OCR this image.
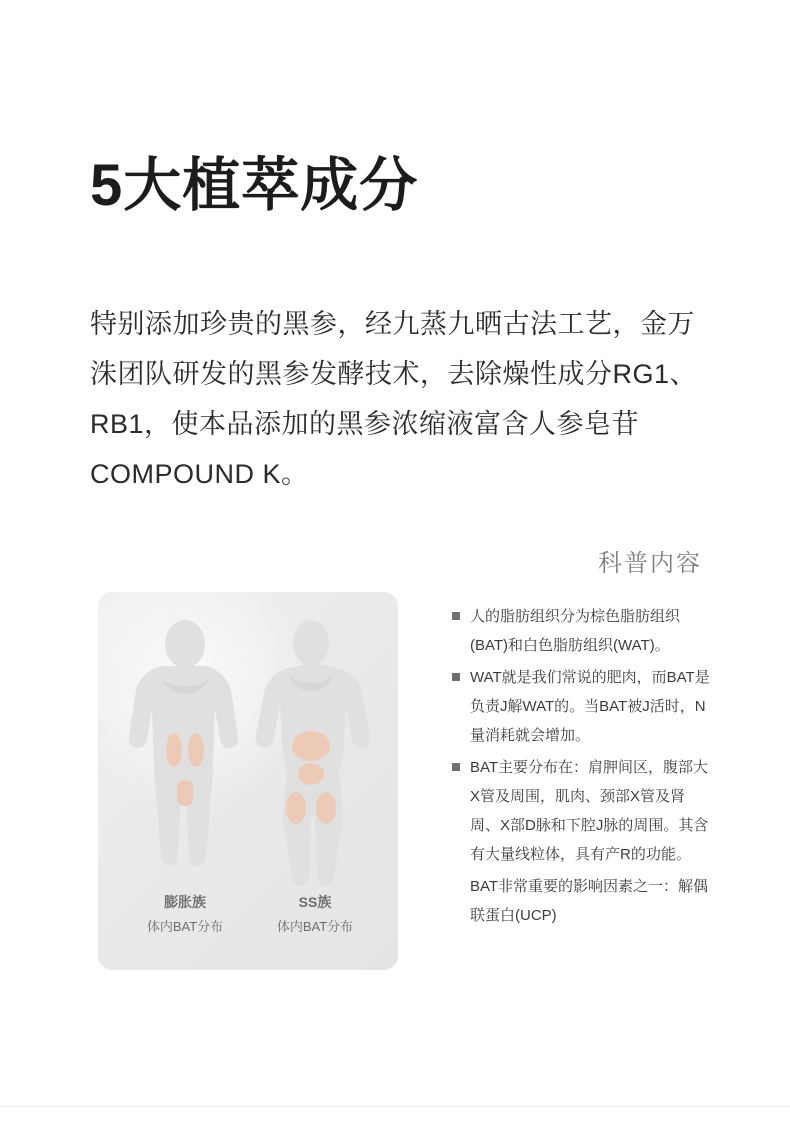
5大植萃成分

特别添加珍贵的黑参，经九蒸九晒古法工艺，金万洙团队研发的黑参发酵技术，去除燥性成分RG1、RB1，使本品添加的黑参浓缩液富含人参皂苷COMPOUND K。

科普内容
膨胀族
体内BAT分布
SS族
体内BAT分布
人的脂肪组织分为棕色脂肪组织(BAT)和白色脂肪组织(WAT)。
WAT就是我们常说的肥肉，而BAT是负责J解WAT的。当BAT被J活时，N量消耗就会增加。
BAT主要分布在：肩胛间区，腹部大X管及周围，肌肉、颈部X管及肾周、X部D脉和下腔J脉的周围。其含有大量线粒体，具有产R的功能。
BAT非常重要的影响因素之一：解偶联蛋白(UCP)
